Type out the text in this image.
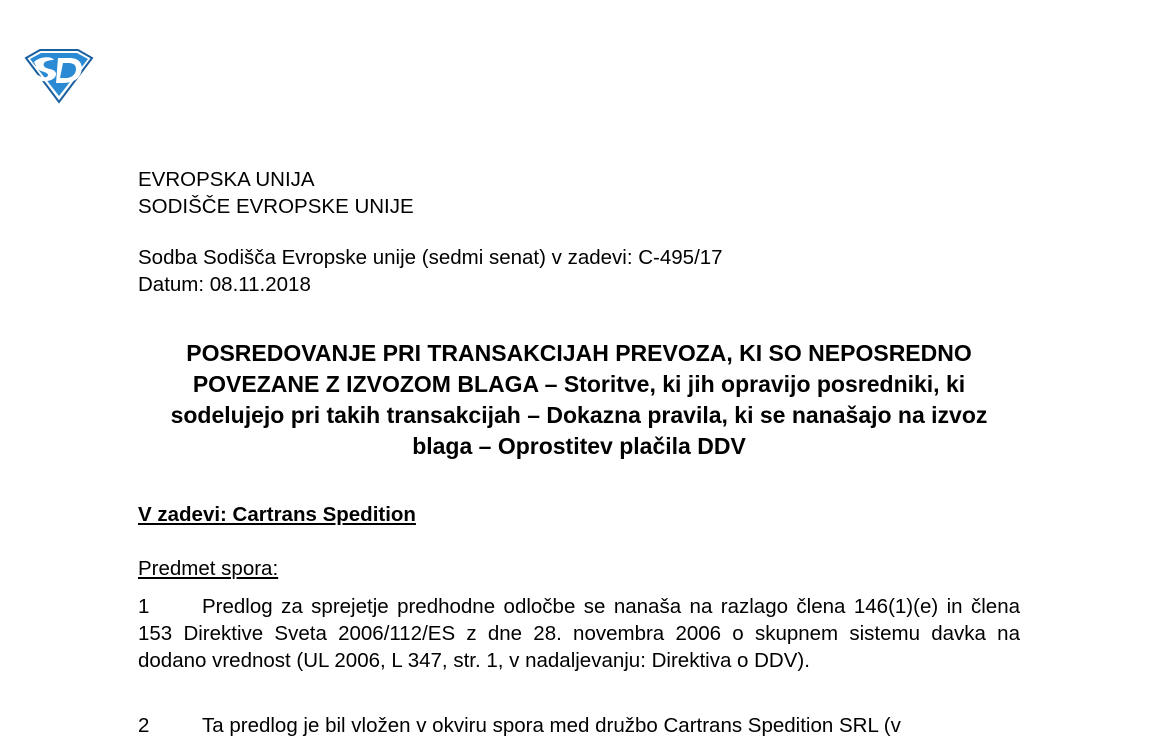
EVROPSKA UNIJA
SODIŠČE EVROPSKE UNIJE
Sodba Sodišča Evropske unije (sedmi senat) v zadevi: C-495/17
Datum: 08.11.2018
POSREDOVANJE PRI TRANSAKCIJAH PREVOZA, KI SO NEPOSREDNO POVEZANE Z IZVOZOM BLAGA – Storitve, ki jih opravijo posredniki, ki sodelujejo pri takih transakcijah – Dokazna pravila, ki se nanašajo na izvoz blaga – Oprostitev plačila DDV
V zadevi: Cartrans Spedition
Predmet spora:
1	Predlog za sprejetje predhodne odločbe se nanaša na razlago člena 146(1)(e) in člena 153 Direktive Sveta 2006/112/ES z dne 28. novembra 2006 o skupnem sistemu davka na dodano vrednost (UL 2006, L 347, str. 1, v nadaljevanju: Direktiva o DDV).
2	Ta predlog je bil vložen v okviru spora med družbo Cartrans Spedition SRL (v
